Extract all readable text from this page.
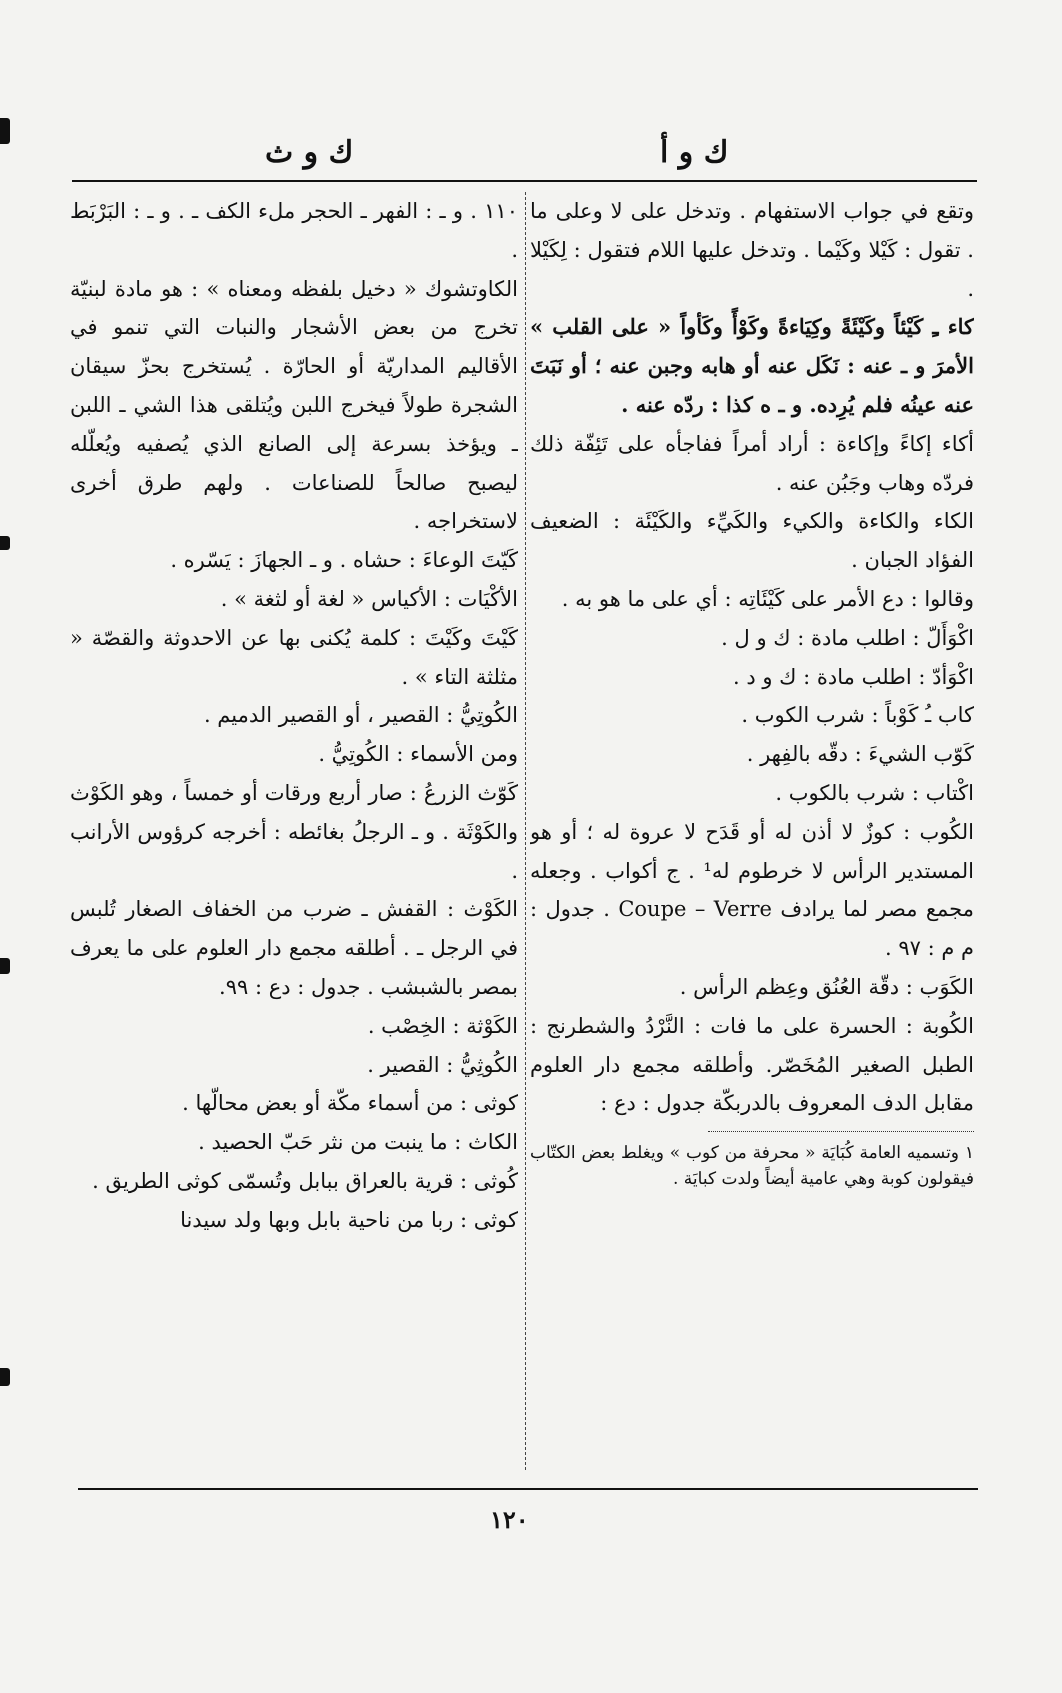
ك و أ
ك و ث

وتقع في جواب الاستفهام . وتدخل على لا وعلى ما . تقول : كَيْلا وكَيْما . وتدخل عليها اللام فتقول : لِكَيْلا .

كاء ـِ كَيْئاً وكَيْئَةً وكِيَاءةً وكَوْأً وكَأواً « على القلب » الأمرَ و ـ عنه : نَكَل عنه أو هابه وجبن عنه ؛ أو نَبَتَ عنه عينُه فلم يُرِده. و ـ ه كذا : ردّه عنه .

أكاء إكاءً وإكاءة : أراد أمراً ففاجأه على تَئِفّة ذلك فردّه وهاب وجَبُن عنه .

الكاء والكاءة والكيء والكَيِّء والكَيْئَة : الضعيف الفؤاد الجبان .

وقالوا : دع الأمر على كَيْئَاتِه : أي على ما هو به .

اكْوَأَلّ : اطلب مادة : ك و ل .

اكْوَأدّ : اطلب مادة : ك و د .

كاب ـُ كَوْباً : شرب الكوب .

كَوّب الشيءَ : دقّه بالفِهر .

اكْتاب : شرب بالكوب .

الكُوب : كوزٌ لا أذن له أو قَدَح لا عروة له ؛ أو هو المستدير الرأس لا خرطوم له¹ . ج أكواب . وجعله مجمع مصر لما يرادف Coupe – Verre . جدول : م م : ٩٧ .

الكَوَب : دقّة العُنُق وعِظم الرأس .

الكُوبة : الحسرة على ما فات : النَّرْدُ والشطرنج : الطبل الصغير المُخَصّر. وأطلقه مجمع دار العلوم مقابل الدف المعروف بالدربكّة جدول : دع :

١ وتسميه العامة كُبَايَة « محرفة من كوب » ويغلط بعض الكتّاب فيقولون كوبة وهي عامية أيضاً ولدت كبايَة .

١١٠ . و ـ : الفهر ـ الحجر ملء الكف ـ . و ـ : البَرْبَط .

الكاوتشوك « دخيل بلفظه ومعناه » : هو مادة لبنيّة تخرج من بعض الأشجار والنبات التي تنمو في الأقاليم المداريّة أو الحارّة . يُستخرج بحزّ سيقان الشجرة طولاً فيخرج اللبن ويُتلقى هذا الشي ـ اللبن ـ ويؤخذ بسرعة إلى الصانع الذي يُصفيه ويُعلّله ليصبح صالحاً للصناعات . ولهم طرق أخرى لاستخراجه .

كَيّتَ الوعاءَ : حشاه . و ـ الجهازَ : يَسّره .

الأكْيَات : الأكياس « لغة أو لثغة » .

كَيْتَ وكَيْتَ : كلمة يُكنى بها عن الاحدوثة والقصّة « مثلثة التاء » .

الكُوتِيُّ : القصير ، أو القصير الدميم .

ومن الأسماء : الكُوتِيُّ .

كَوّث الزرعُ : صار أربع ورقات أو خمساً ، وهو الكَوْث والكَوْثَة . و ـ الرجلُ بغائطه : أخرجه كرؤوس الأرانب .

الكَوْث : القفش ـ ضرب من الخفاف الصغار تُلبس في الرجل ـ . أطلقه مجمع دار العلوم على ما يعرف بمصر بالشبشب . جدول : دع : ٩٩.

الكَوْثة : الخِصْب .

الكُوثِيُّ : القصير .

كوثى : من أسماء مكّة أو بعض محالّها .

الكاث : ما ينبت من نثر حَبّ الحصيد .

كُوثى : قرية بالعراق ببابل وتُسمّى كوثى الطريق .

كوثى : ربا من ناحية بابل وبها ولد سيدنا

١٢٠
